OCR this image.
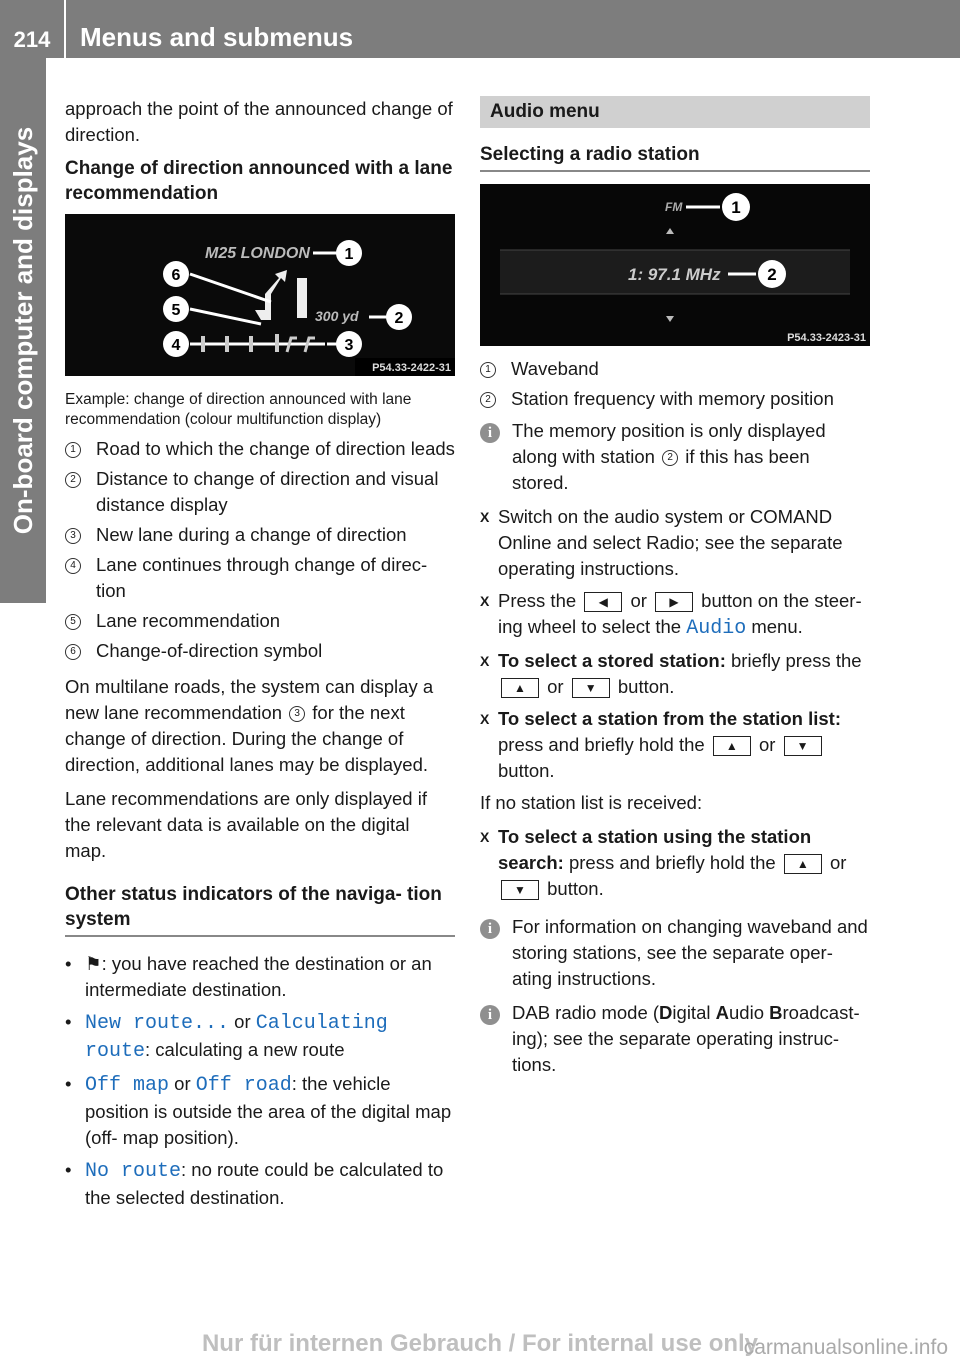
214	Menus and submenus
On-board computer and displays

approach the point of the announced change of direction.

Change of direction announced with a lane recommendation
M25 LONDON
300 yd
1
2
3
4
5
6
P54.33-2422-31
Example: change of direction announced with lane recommendation (colour multifunction display)
1	Road to which the change of direction leads
2	Distance to change of direction and visual distance display
3	New lane during a change of direction
4	Lane continues through change of direc- tion
5	Lane recommendation
6	Change-of-direction symbol

On multilane roads, the system can display a new lane recommendation 3 for the next change of direction. During the change of direction, additional lanes may be displayed.

Lane recommendations are only displayed if the relevant data is available on the digital map.

Other status indicators of the naviga- tion system
• ⚑: you have reached the destination or an intermediate destination.
• New route... or Calculating route: calculating a new route
• Off map or Off road: the vehicle position is outside the area of the digital map (off- map position).
• No route: no route could be calculated to the selected destination.
Audio menu
Selecting a radio station
FM
1: 97.1 MHz
1
2
P54.33-2423-31
1	Waveband
2	Station frequency with memory position
i	The memory position is only displayed along with station 2 if this has been stored.
X Switch on the audio system or COMAND Online and select Radio; see the separate operating instructions.
X Press the ◀ or ▶ button on the steer- ing wheel to select the Audio menu.
X To select a stored station: briefly press the ▲ or ▼ button.
X To select a station from the station list: press and briefly hold the ▲ or ▼ button.

If no station list is received:

X To select a station using the station search: press and briefly hold the ▲ or ▼ button.
i	For information on changing waveband and storing stations, see the separate oper- ating instructions.
i	DAB radio mode (Digital Audio Broadcast- ing); see the separate operating instruc- tions.
Nur für internen Gebrauch / For internal use only
carmanualsonline.info
